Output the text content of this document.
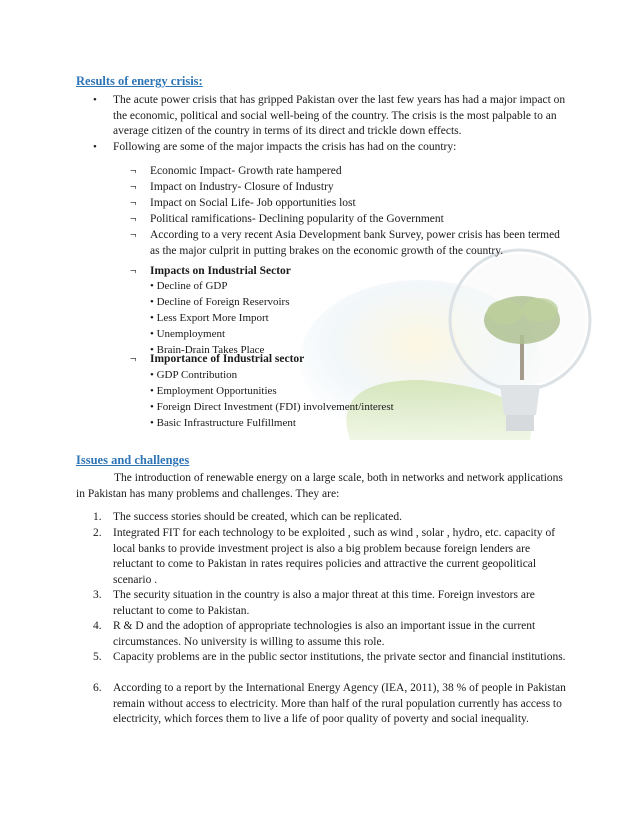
Results of energy crisis:
• The acute power crisis that has gripped Pakistan over the last few years has had a major impact on the economic, political and social well-being of the country. The crisis is the most palpable to an average citizen of the country in terms of its direct and trickle down effects.
• Following are some of the major impacts the crisis has had on the country:
¬ Economic Impact- Growth rate hampered
¬ Impact on Industry- Closure of Industry
¬ Impact on Social Life- Job opportunities lost
¬ Political ramifications- Declining popularity of the Government
¬ According to a very recent Asia Development bank Survey, power crisis has been termed as the major culprit in putting brakes on the economic growth of the country.
¬ Impacts on Industrial Sector
• Decline of GDP
• Decline of Foreign Reservoirs
• Less Export More Import
• Unemployment
• Brain-Drain Takes Place
¬ Importance of Industrial sector
• GDP Contribution
• Employment Opportunities
• Foreign Direct Investment (FDI) involvement/interest
• Basic Infrastructure Fulfillment
Issues and challenges
The introduction of renewable energy on a large scale, both in networks and network applications in Pakistan has many problems and challenges. They are:
1. The success stories should be created, which can be replicated.
2. Integrated FIT for each technology to be exploited , such as wind , solar , hydro, etc. capacity of local banks to provide investment project is also a big problem because foreign lenders are reluctant to come to Pakistan in rates requires policies and attractive the current geopolitical scenario .
3. The security situation in the country is also a major threat at this time. Foreign investors are reluctant to come to Pakistan.
4. R & D and the adoption of appropriate technologies is also an important issue in the current circumstances. No university is willing to assume this role.
5. Capacity problems are in the public sector institutions, the private sector and financial institutions.
6. According to a report by the International Energy Agency (IEA, 2011), 38 % of people in Pakistan remain without access to electricity. More than half of the rural population currently has access to electricity, which forces them to live a life of poor quality of poverty and social inequality.
